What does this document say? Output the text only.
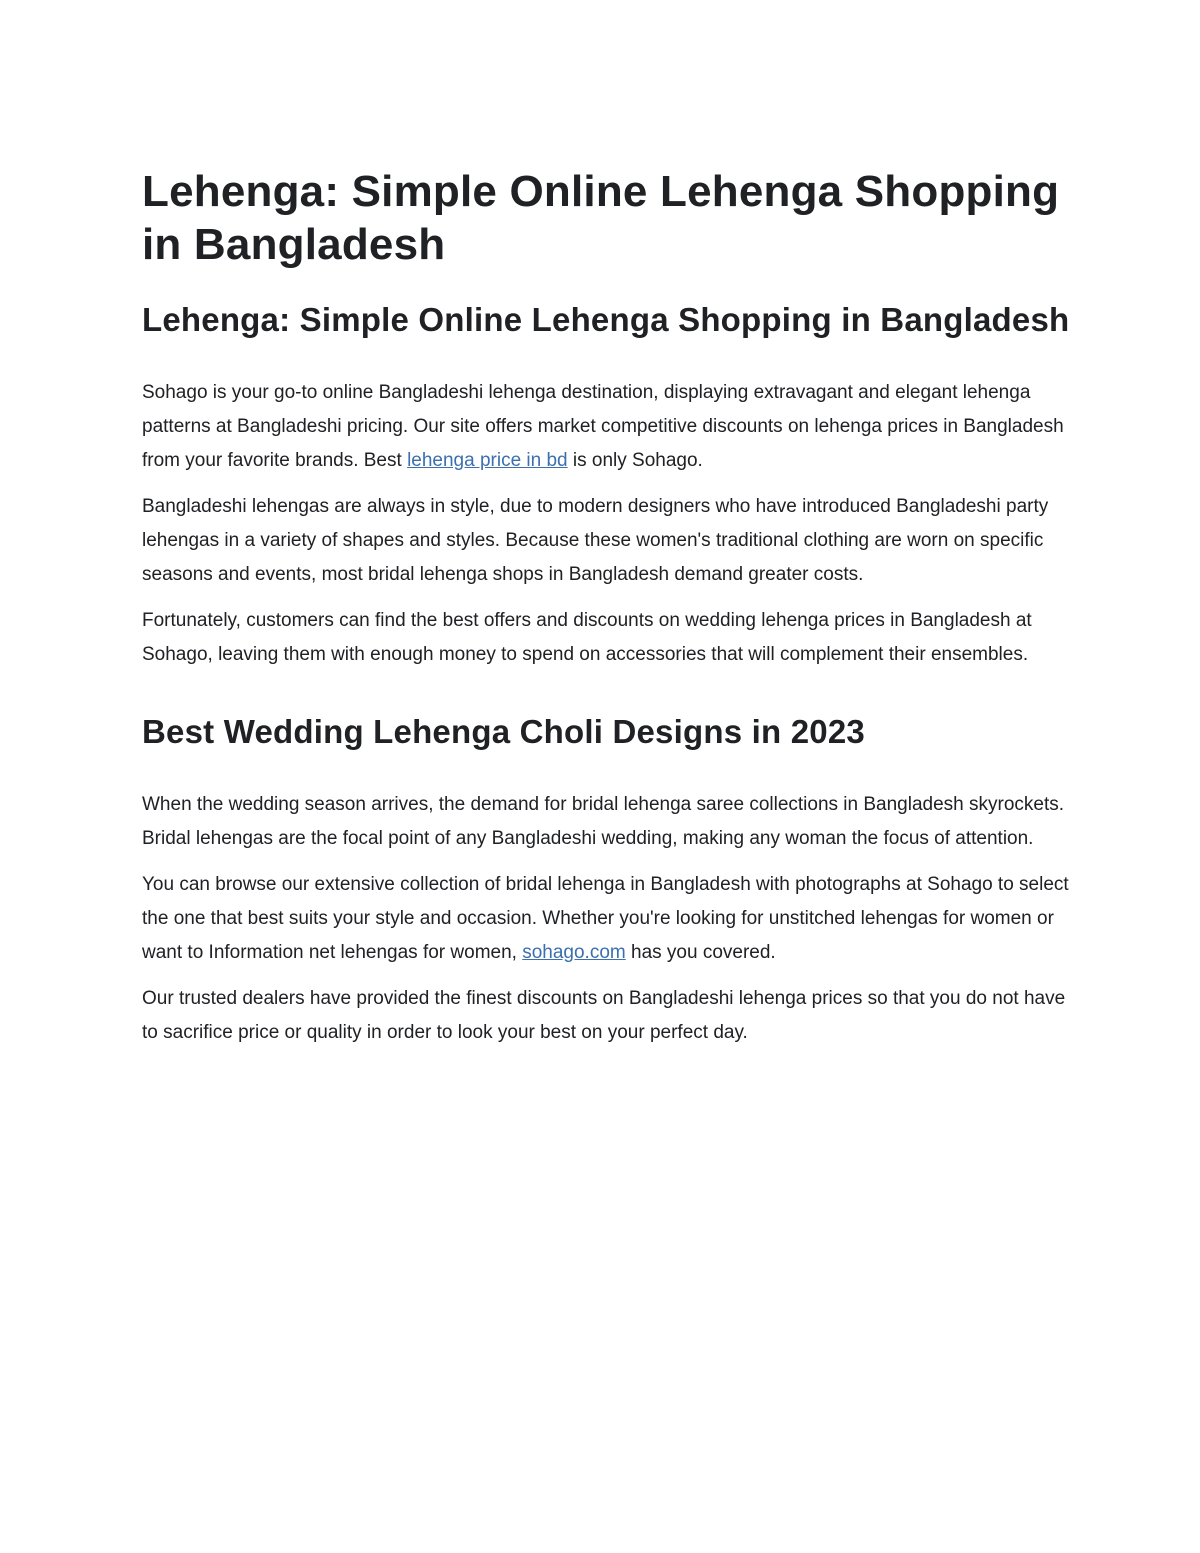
Lehenga: Simple Online Lehenga Shopping in Bangladesh
Lehenga: Simple Online Lehenga Shopping in Bangladesh

Sohago is your go-to online Bangladeshi lehenga destination, displaying extravagant and elegant lehenga patterns at Bangladeshi pricing. Our site offers market competitive discounts on lehenga prices in Bangladesh from your favorite brands. Best lehenga price in bd is only Sohago.

Bangladeshi lehengas are always in style, due to modern designers who have introduced Bangladeshi party lehengas in a variety of shapes and styles. Because these women's traditional clothing are worn on specific seasons and events, most bridal lehenga shops in Bangladesh demand greater costs.

Fortunately, customers can find the best offers and discounts on wedding lehenga prices in Bangladesh at Sohago, leaving them with enough money to spend on accessories that will complement their ensembles.

Best Wedding Lehenga Choli Designs in 2023

When the wedding season arrives, the demand for bridal lehenga saree collections in Bangladesh skyrockets. Bridal lehengas are the focal point of any Bangladeshi wedding, making any woman the focus of attention.

You can browse our extensive collection of bridal lehenga in Bangladesh with photographs at Sohago to select the one that best suits your style and occasion. Whether you're looking for unstitched lehengas for women or want to Information net lehengas for women, sohago.com has you covered.

Our trusted dealers have provided the finest discounts on Bangladeshi lehenga prices so that you do not have to sacrifice price or quality in order to look your best on your perfect day.
